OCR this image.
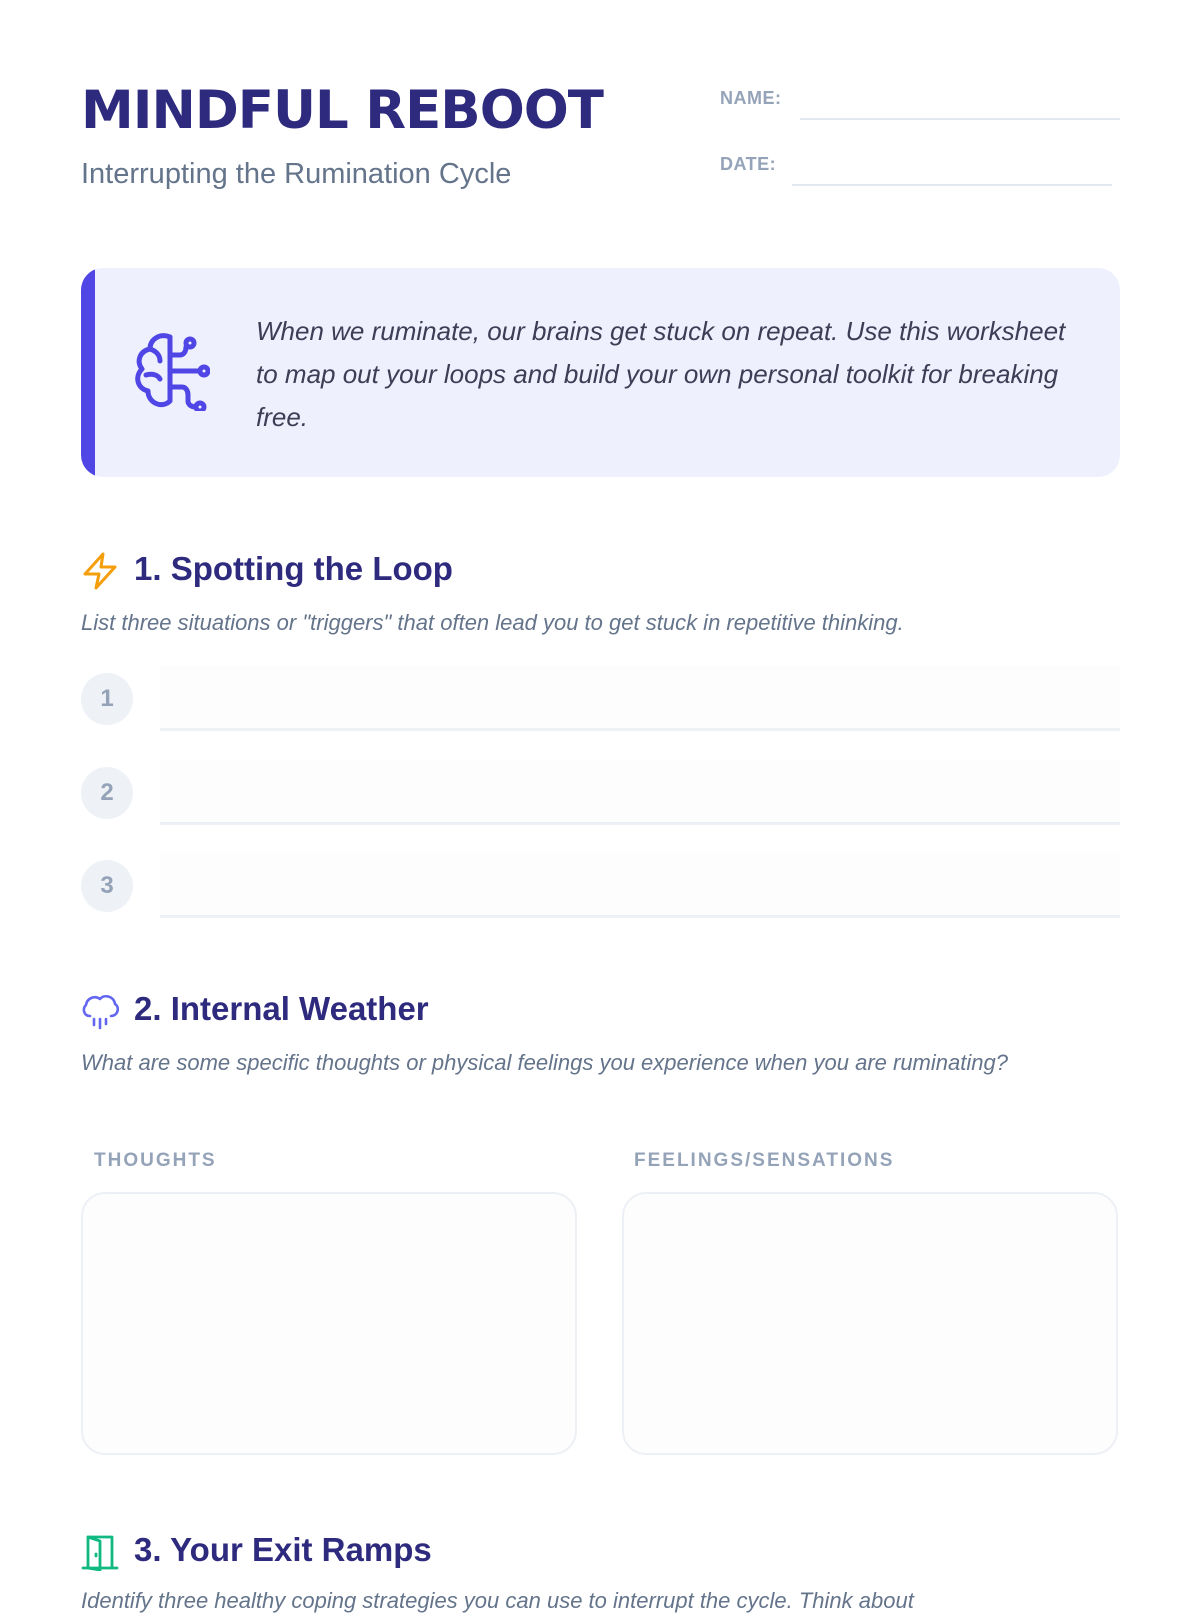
MINDFUL REBOOT
Interrupting the Rumination Cycle
NAME:
DATE:
When we ruminate, our brains get stuck on repeat. Use this worksheet to map out your loops and build your own personal toolkit for breaking free.
1. Spotting the Loop
List three situations or "triggers" that often lead you to get stuck in repetitive thinking.
1
2
3
2. Internal Weather
What are some specific thoughts or physical feelings you experience when you are ruminating?
THOUGHTS	FEELINGS/SENSATIONS
3. Your Exit Ramps
Identify three healthy coping strategies you can use to interrupt the cycle. Think about
